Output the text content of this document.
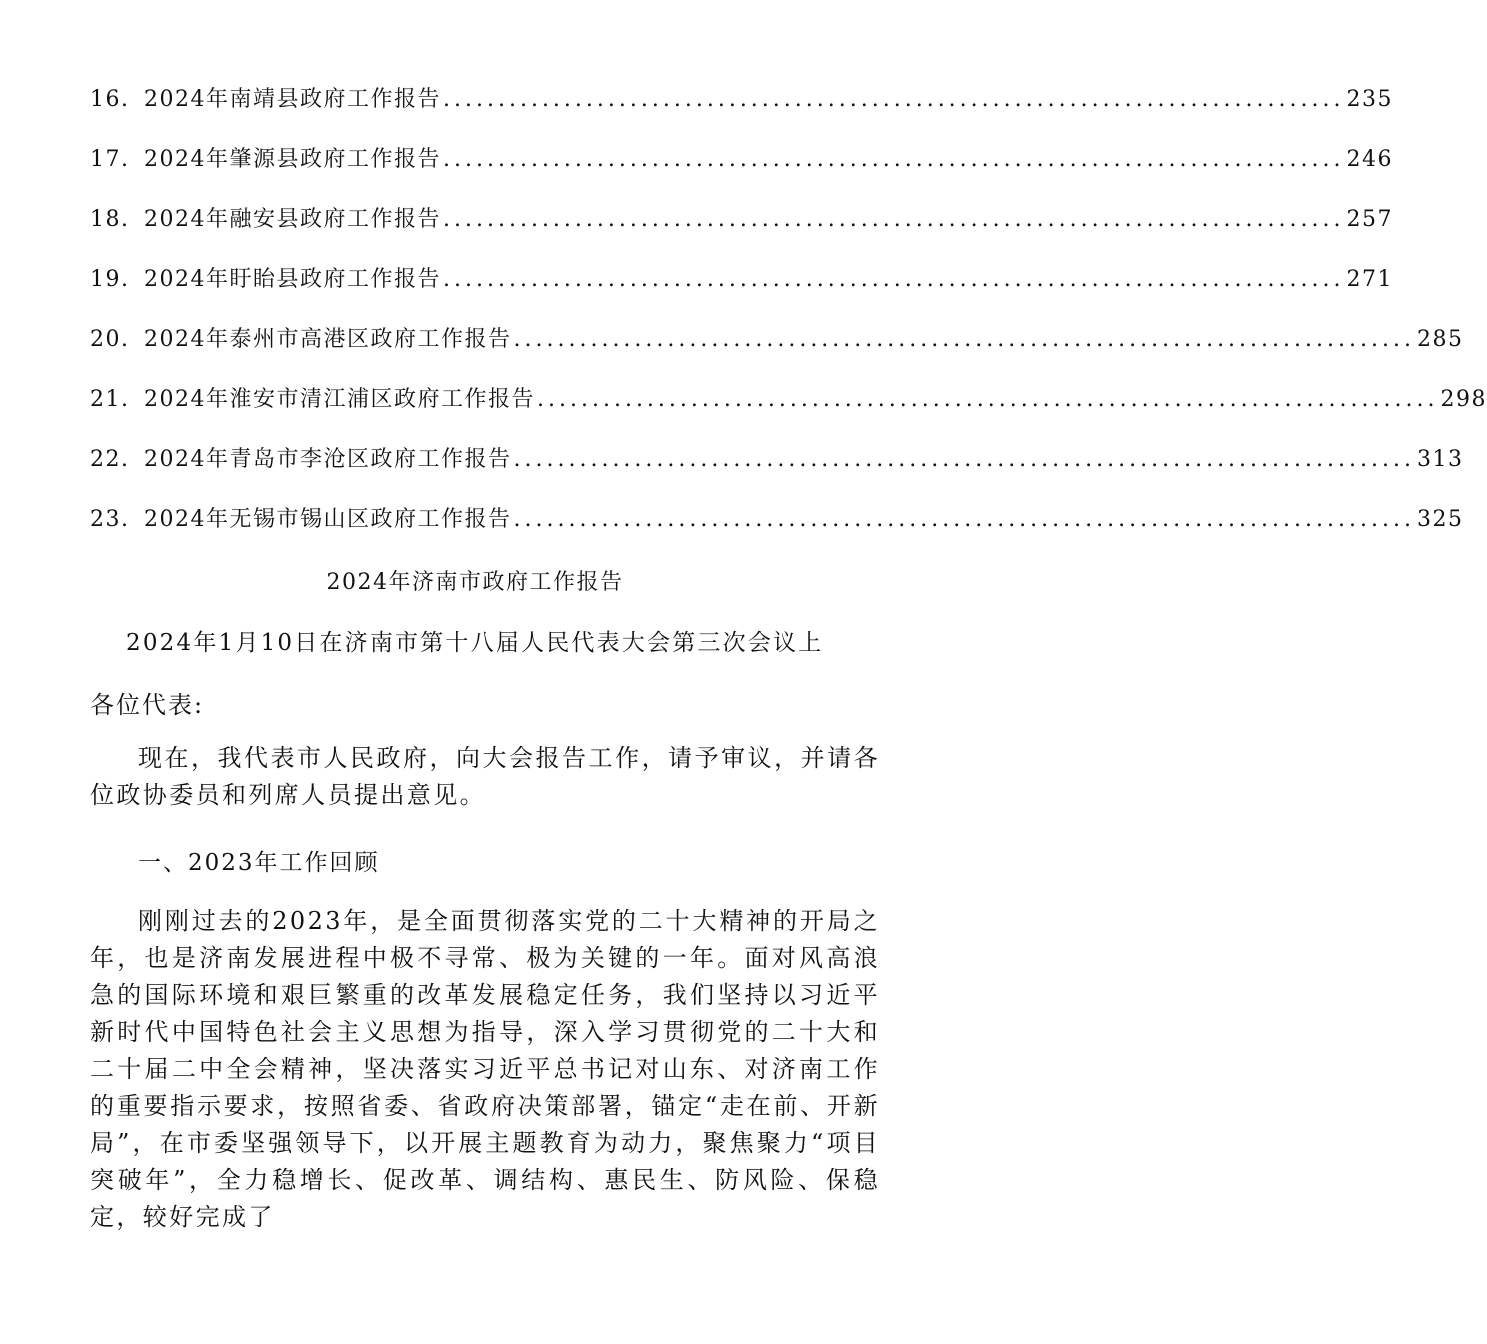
16. 2024年南靖县政府工作报告 .................................................................................. 235
17. 2024年肇源县政府工作报告 .................................................................................. 246
18. 2024年融安县政府工作报告 .................................................................................. 257
19. 2024年盱眙县政府工作报告 .................................................................................. 271
20. 2024年泰州市高港区政府工作报告 .................................................................................. 285
21. 2024年淮安市清江浦区政府工作报告 .................................................................................. 298
22. 2024年青岛市李沧区政府工作报告 .................................................................................. 313
23. 2024年无锡市锡山区政府工作报告 .................................................................................. 325
2024年济南市政府工作报告
2024年1月10日在济南市第十八届人民代表大会第三次会议上
各位代表:
现在，我代表市人民政府，向大会报告工作，请予审议，并请各位政协委员和列席人员提出意见。
一、2023年工作回顾
刚刚过去的2023年，是全面贯彻落实党的二十大精神的开局之年，也是济南发展进程中极不寻常、极为关键的一年。面对风高浪急的国际环境和艰巨繁重的改革发展稳定任务，我们坚持以习近平新时代中国特色社会主义思想为指导，深入学习贯彻党的二十大和二十届二中全会精神，坚决落实习近平总书记对山东、对济南工作的重要指示要求，按照省委、省政府决策部署，锚定“走在前、开新局”，在市委坚强领导下，以开展主题教育为动力，聚焦聚力“项目突破年”，全力稳增长、促改革、调结构、惠民生、防风险、保稳定，较好完成了
